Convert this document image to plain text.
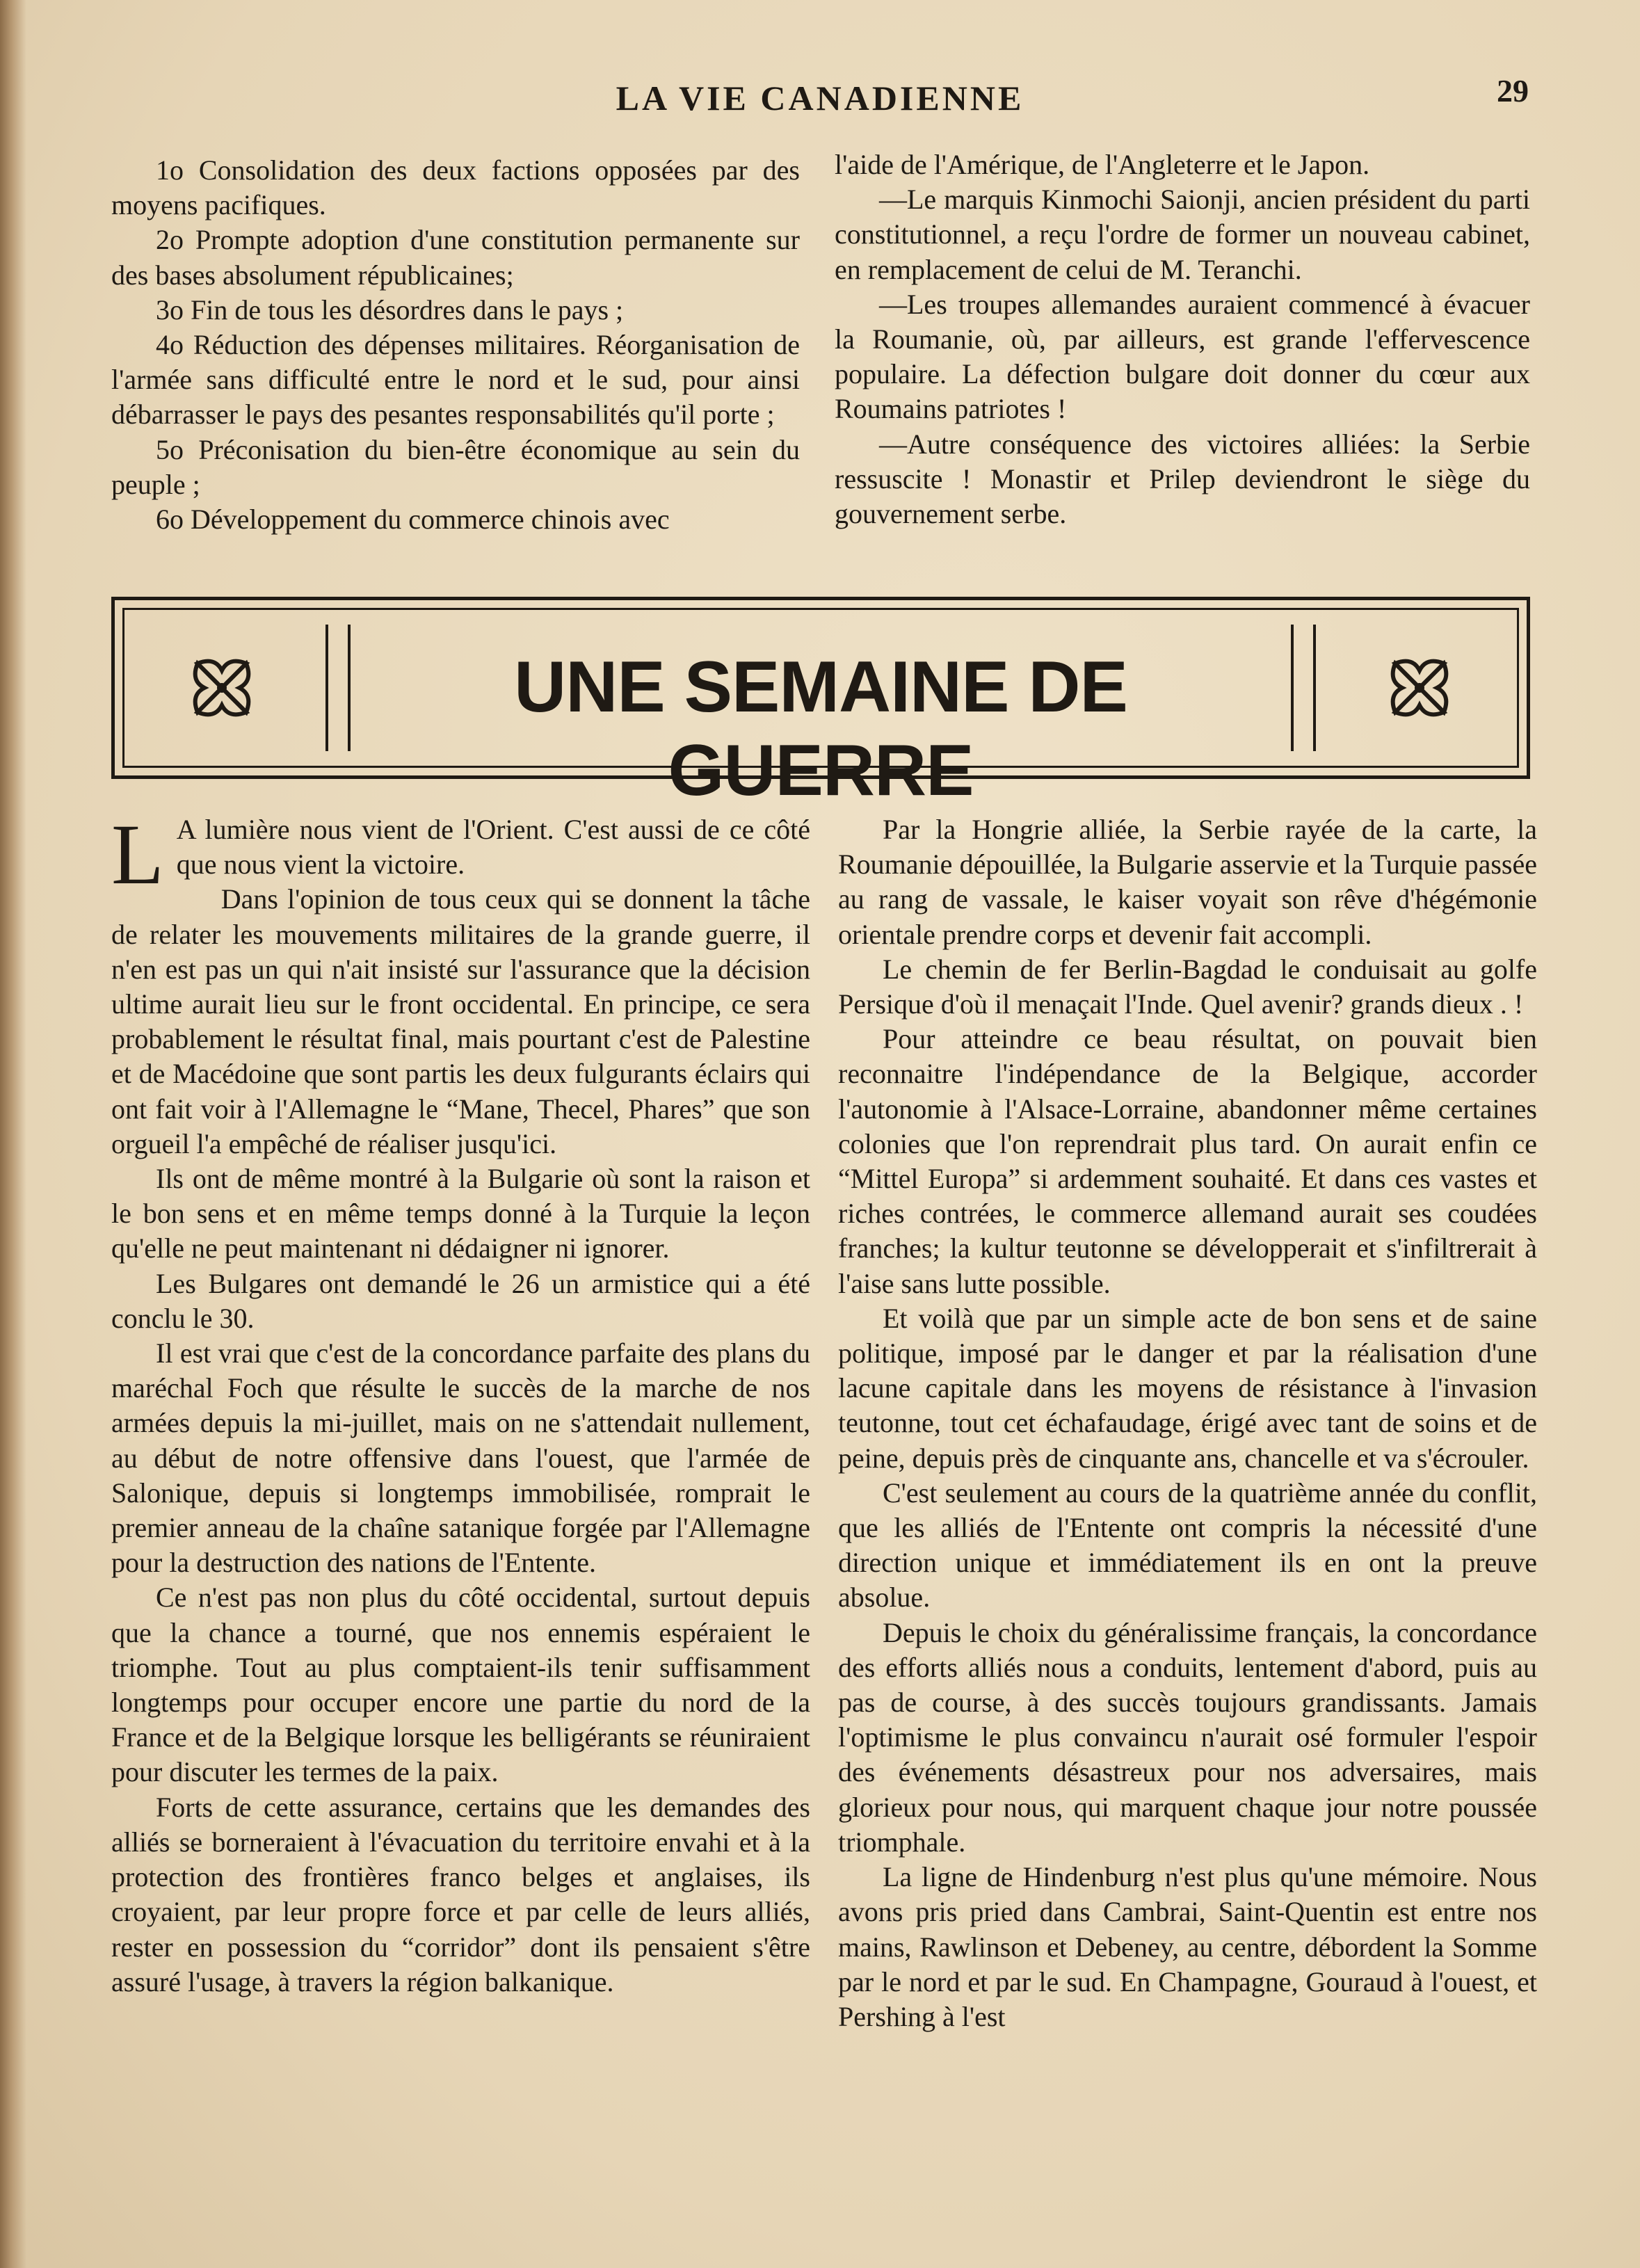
LA VIE CANADIENNE	29

1o Consolidation des deux factions opposées par des moyens pacifiques.

2o Prompte adoption d'une constitution permanente sur des bases absolument républicaines;

3o Fin de tous les désordres dans le pays ;

4o Réduction des dépenses militaires. Réorganisation de l'armée sans difficulté entre le nord et le sud, pour ainsi débarrasser le pays des pesantes responsabilités qu'il porte ;

5o Préconisation du bien-être économique au sein du peuple ;

6o Développement du commerce chinois avec

l'aide de l'Amérique, de l'Angleterre et le Japon.

—Le marquis Kinmochi Saionji, ancien président du parti constitutionnel, a reçu l'ordre de former un nouveau cabinet, en remplacement de celui de M. Teranchi.

—Les troupes allemandes auraient commencé à évacuer la Roumanie, où, par ailleurs, est grande l'effervescence populaire. La défection bulgare doit donner du cœur aux Roumains patriotes !

—Autre conséquence des victoires alliées: la Serbie ressuscite ! Monastir et Prilep deviendront le siège du gouvernement serbe.

UNE SEMAINE DE GUERRE

L A lumière nous vient de l'Orient. C'est aussi de ce côté que nous vient la victoire.

Dans l'opinion de tous ceux qui se donnent la tâche de relater les mouvements militaires de la grande guerre, il n'en est pas un qui n'ait insisté sur l'assurance que la décision ultime aurait lieu sur le front occidental. En principe, ce sera probablement le résultat final, mais pourtant c'est de Palestine et de Macédoine que sont partis les deux fulgurants éclairs qui ont fait voir à l'Allemagne le “Mane, Thecel, Phares” que son orgueil l'a empêché de réaliser jusqu'ici.

Ils ont de même montré à la Bulgarie où sont la raison et le bon sens et en même temps donné à la Turquie la leçon qu'elle ne peut maintenant ni dédaigner ni ignorer.

Les Bulgares ont demandé le 26 un armistice qui a été conclu le 30.

Il est vrai que c'est de la concordance parfaite des plans du maréchal Foch que résulte le succès de la marche de nos armées depuis la mi-juillet, mais on ne s'attendait nullement, au début de notre offensive dans l'ouest, que l'armée de Salonique, depuis si longtemps immobilisée, romprait le premier anneau de la chaîne satanique forgée par l'Allemagne pour la destruction des nations de l'Entente.

Ce n'est pas non plus du côté occidental, surtout depuis que la chance a tourné, que nos ennemis espéraient le triomphe. Tout au plus comptaient-ils tenir suffisamment longtemps pour occuper encore une partie du nord de la France et de la Belgique lorsque les belligérants se réuniraient pour discuter les termes de la paix.

Forts de cette assurance, certains que les demandes des alliés se borneraient à l'évacuation du territoire envahi et à la protection des frontières franco belges et anglaises, ils croyaient, par leur propre force et par celle de leurs alliés, rester en possession du “corridor” dont ils pensaient s'être assuré l'usage, à travers la région balkanique.

Par la Hongrie alliée, la Serbie rayée de la carte, la Roumanie dépouillée, la Bulgarie asservie et la Turquie passée au rang de vassale, le kaiser voyait son rêve d'hégémonie orientale prendre corps et devenir fait accompli.

Le chemin de fer Berlin-Bagdad le conduisait au golfe Persique d'où il menaçait l'Inde. Quel avenir? grands dieux . !

Pour atteindre ce beau résultat, on pouvait bien reconnaitre l'indépendance de la Belgique, accorder l'autonomie à l'Alsace-Lorraine, abandonner même certaines colonies que l'on reprendrait plus tard. On aurait enfin ce “Mittel Europa” si ardemment souhaité. Et dans ces vastes et riches contrées, le commerce allemand aurait ses coudées franches; la kultur teutonne se développerait et s'infiltrerait à l'aise sans lutte possible.

Et voilà que par un simple acte de bon sens et de saine politique, imposé par le danger et par la réalisation d'une lacune capitale dans les moyens de résistance à l'invasion teutonne, tout cet échafaudage, érigé avec tant de soins et de peine, depuis près de cinquante ans, chancelle et va s'écrouler.

C'est seulement au cours de la quatrième année du conflit, que les alliés de l'Entente ont compris la nécessité d'une direction unique et immédiatement ils en ont la preuve absolue.

Depuis le choix du généralissime français, la concordance des efforts alliés nous a conduits, lentement d'abord, puis au pas de course, à des succès toujours grandissants. Jamais l'optimisme le plus convaincu n'aurait osé formuler l'espoir des événements désastreux pour nos adversaires, mais glorieux pour nous, qui marquent chaque jour notre poussée triomphale.

La ligne de Hindenburg n'est plus qu'une mémoire. Nous avons pris pried dans Cambrai, Saint-Quentin est entre nos mains, Rawlinson et Debeney, au centre, débordent la Somme par le nord et par le sud. En Champagne, Gouraud à l'ouest, et Pershing à l'est
